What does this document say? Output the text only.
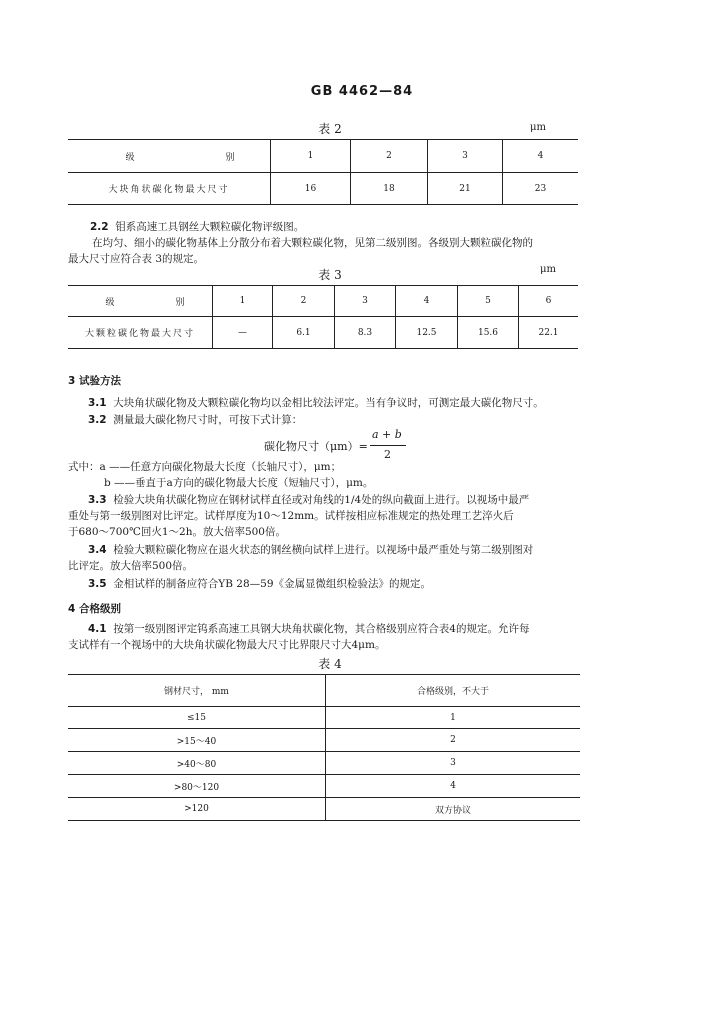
GB 4462—84
表 2	μm
级	别	1	2	3	4
大块角状碳化物最大尺寸	16	18	21	23
2.2 钼系高速工具钢丝大颗粒碳化物评级图。
在均匀、细小的碳化物基体上分散分布着大颗粒碳化物，见第二级别图。各级别大颗粒碳化物的
最大尺寸应符合表 3的规定。
表 3	μm
级	别	1	2	3	4	5	6
大颗粒碳化物最大尺寸	—	6.1	8.3	12.5	15.6	22.1
3 试验方法
3.1 大块角状碳化物及大颗粒碳化物均以金相比较法评定。当有争议时，可测定最大碳化物尺寸。
3.2 测量最大碳化物尺寸时，可按下式计算：
碳化物尺寸（μm）=
a + b
2
式中：a ——任意方向碳化物最大长度（长轴尺寸），μm；
b ——垂直于a方向的碳化物最大长度（短轴尺寸），μm。
3.3 检验大块角状碳化物应在钢材试样直径或对角线的1/4处的纵向截面上进行。以视场中最严
重处与第一级别图对比评定。试样厚度为10～12mm。试样按相应标准规定的热处理工艺淬火后
于680～700℃回火1～2h。放大倍率500倍。
3.4 检验大颗粒碳化物应在退火状态的钢丝横向试样上进行。以视场中最严重处与第二级别图对
比评定。放大倍率500倍。
3.5 金相试样的制备应符合YB 28—59《金属显微组织检验法》的规定。
4 合格级别
4.1 按第一级别图评定钨系高速工具钢大块角状碳化物，其合格级别应符合表4的规定。允许每
支试样有一个视场中的大块角状碳化物最大尺寸比界限尺寸大4μm。
表 4
钢材尺寸， mm	合格级别，不大于
≤15	1
>15～40	2
>40～80	3
>80～120	4
>120	双方协议
